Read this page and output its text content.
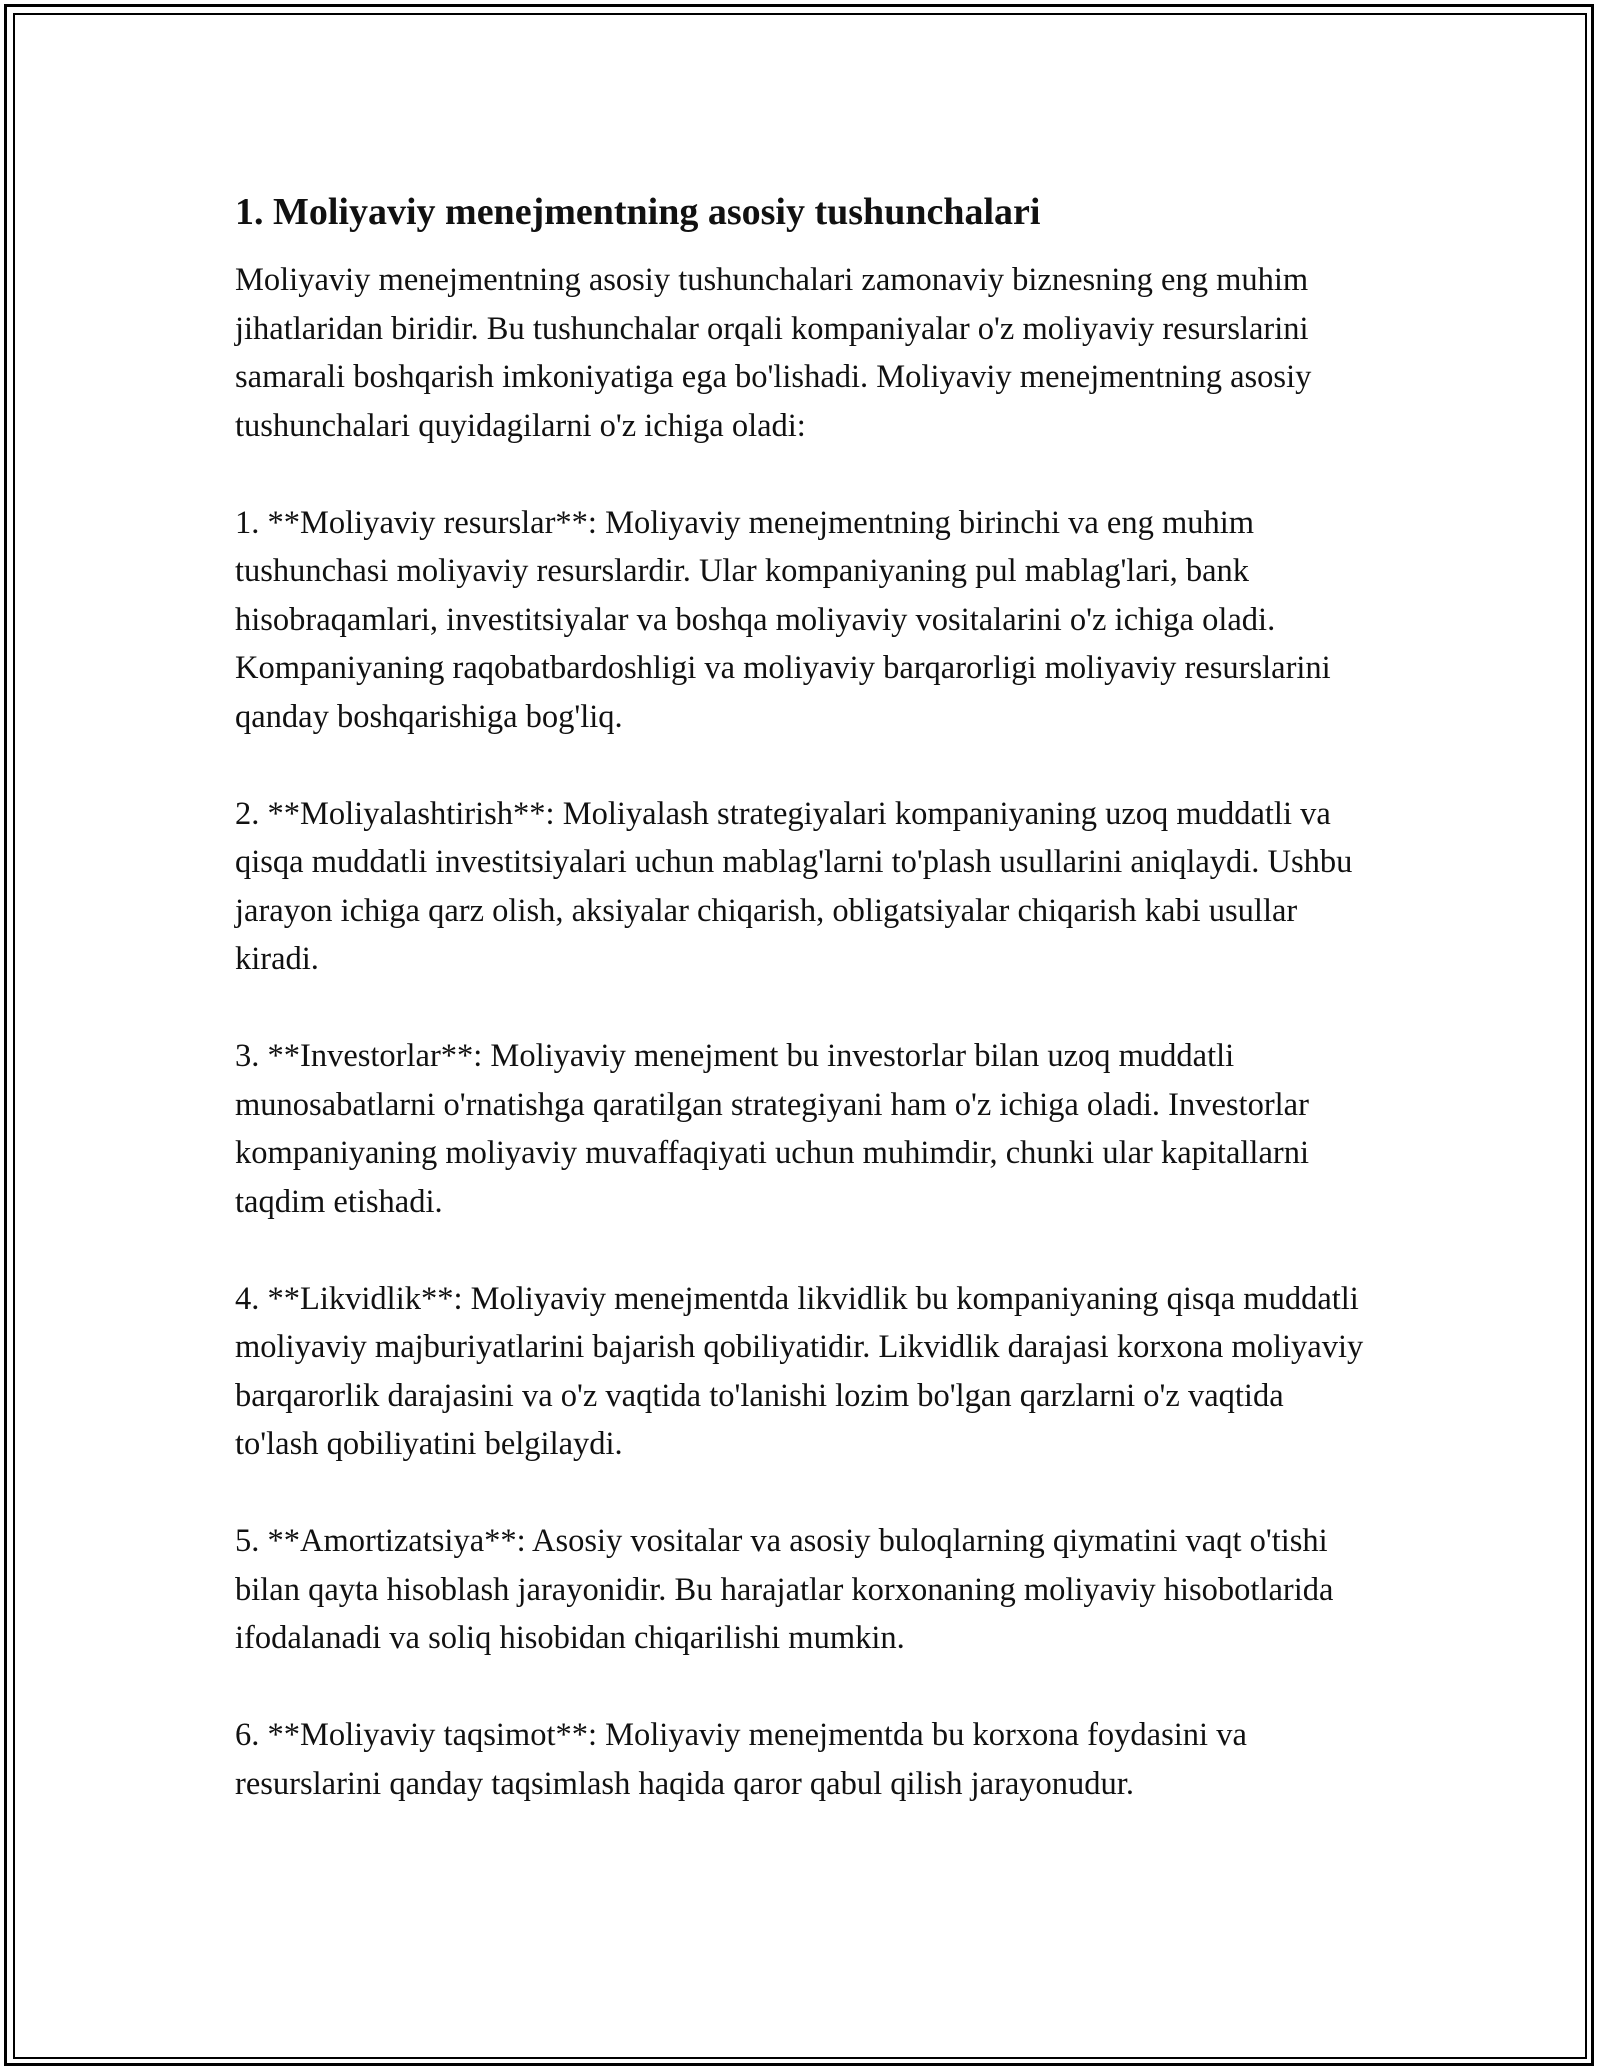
1. Moliyaviy menejmentning asosiy tushunchalari

Moliyaviy menejmentning asosiy tushunchalari zamonaviy biznesning eng muhim jihatlaridan biridir. Bu tushunchalar orqali kompaniyalar o'z moliyaviy resurslarini samarali boshqarish imkoniyatiga ega bo'lishadi. Moliyaviy menejmentning asosiy tushunchalari quyidagilarni o'z ichiga oladi:

1. **Moliyaviy resurslar**: Moliyaviy menejmentning birinchi va eng muhim tushunchasi moliyaviy resurslardir. Ular kompaniyaning pul mablag'lari, bank hisobraqamlari, investitsiyalar va boshqa moliyaviy vositalarini o'z ichiga oladi. Kompaniyaning raqobatbardoshligi va moliyaviy barqarorligi moliyaviy resurslarini qanday boshqarishiga bog'liq.

2. **Moliyalashtirish**: Moliyalash strategiyalari kompaniyaning uzoq muddatli va qisqa muddatli investitsiyalari uchun mablag'larni to'plash usullarini aniqlaydi. Ushbu jarayon ichiga qarz olish, aksiyalar chiqarish, obligatsiyalar chiqarish kabi usullar kiradi.

3. **Investorlar**: Moliyaviy menejment bu investorlar bilan uzoq muddatli munosabatlarni o'rnatishga qaratilgan strategiyani ham o'z ichiga oladi. Investorlar kompaniyaning moliyaviy muvaffaqiyati uchun muhimdir, chunki ular kapitallarni taqdim etishadi.

4. **Likvidlik**: Moliyaviy menejmentda likvidlik bu kompaniyaning qisqa muddatli moliyaviy majburiyatlarini bajarish qobiliyatidir. Likvidlik darajasi korxona moliyaviy barqarorlik darajasini va o'z vaqtida to'lanishi lozim bo'lgan qarzlarni o'z vaqtida to'lash qobiliyatini belgilaydi.

5. **Amortizatsiya**: Asosiy vositalar va asosiy buloqlarning qiymatini vaqt o'tishi bilan qayta hisoblash jarayonidir. Bu harajatlar korxonaning moliyaviy hisobotlarida ifodalanadi va soliq hisobidan chiqarilishi mumkin.

6. **Moliyaviy taqsimot**: Moliyaviy menejmentda bu korxona foydasini va resurslarini qanday taqsimlash haqida qaror qabul qilish jarayonudur.
